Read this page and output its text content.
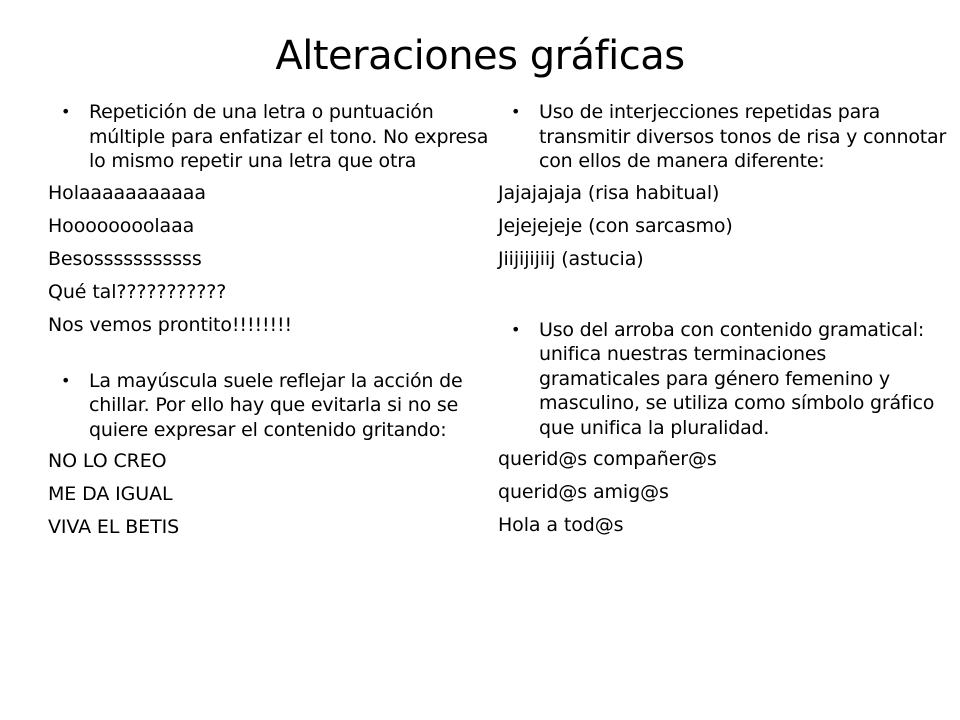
Alteraciones gráficas

• Repetición de una letra o puntuación múltiple para enfatizar el tono. No expresa lo mismo repetir una letra que otra

Holaaaaaaaaaaa
Hoooooooolaaa
Besosssssssssss
Qué tal???????????
Nos vemos prontito!!!!!!!!

• La mayúscula suele reflejar la acción de chillar. Por ello hay que evitarla si no se quiere expresar el contenido gritando:

NO LO CREO
ME DA IGUAL
VIVA EL BETIS

• Uso de interjecciones repetidas para transmitir diversos tonos de risa y connotar con ellos de manera diferente:

Jajajajaja (risa habitual)
Jejejejeje (con sarcasmo)
Jiijijijiij (astucia)

• Uso del arroba con contenido gramatical: unifica nuestras terminaciones gramaticales para género femenino y masculino, se utiliza como símbolo gráfico que unifica la pluralidad.

querid@s compañer@s
querid@s amig@s
Hola a tod@s
